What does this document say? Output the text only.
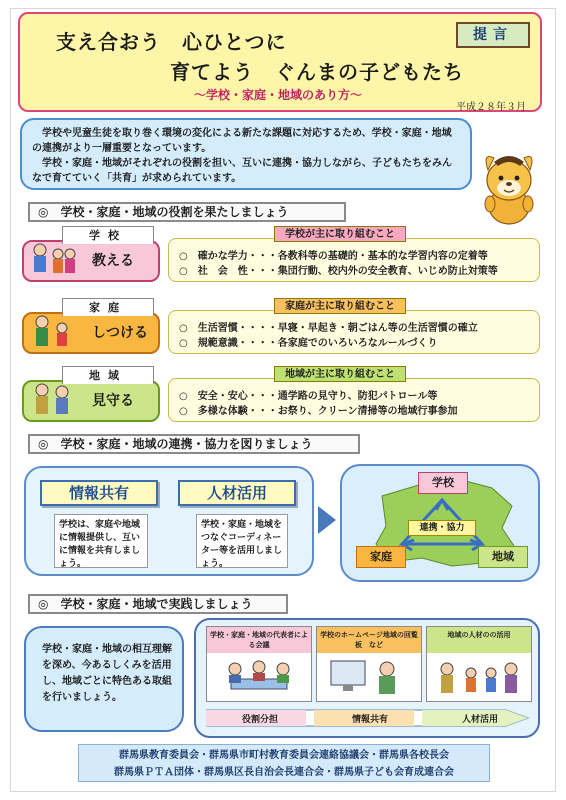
支え合おう　心ひとつに
育てよう　ぐんまの子どもたち
～学校・家庭・地域のあり方～
平成２８年３月
提言
学校や児童生徒を取り巻く環境の変化による新たな課題に対応するため、学校・家庭・地域の連携がより一層重要となっています。
学校・家庭・地域がそれぞれの役割を担い、互いに連携・協力しながら、子どもたちをみんなで育てていく「共育」が求められています。
◎　学校・家庭・地域の役割を果たしましょう
学校
教える	○　確かな学力・・・各教科等の基礎的・基本的な学習内容の定着等
○　社　会　性・・・集団行動、校内外の安全教育、いじめ防止対策等
学校が主に取り組むこと
家庭
しつける	○　生活習慣・・・・早寝・早起き・朝ごはん等の生活習慣の確立
○　規範意識・・・・各家庭でのいろいろなルールづくり
家庭が主に取り組むこと
地域
見守る	○　安全・安心・・・通学路の見守り、防犯パトロール等
○　多様な体験・・・お祭り、クリーン清掃等の地域行事参加
地域が主に取り組むこと
◎　学校・家庭・地域の連携・協力を図りましょう
情報共有
学校は、家庭や地域に情報提供し、互いに情報を共有しましょう。
人材活用
学校・家庭・地域をつなぐコーディネーター等を活用しましょう。
学校
家庭	地域
連携・協力
◎　学校・家庭・地域で実践しましょう
学校・家庭・地域の相互理解を深め、今あるしくみを活用し、地域ごとに特色ある取組を行いましょう。
学校・家庭・地域の代表者による会議
学校のホームページ地域の回覧板　など
地域の人材のの活用
役割分担	情報共有	人材活用
群馬県教育委員会・群馬県市町村教育委員会連絡協議会・群馬県各校長会
群馬県ＰＴＡ団体・群馬県区長自治会長連合会・群馬県子ども会育成連合会
